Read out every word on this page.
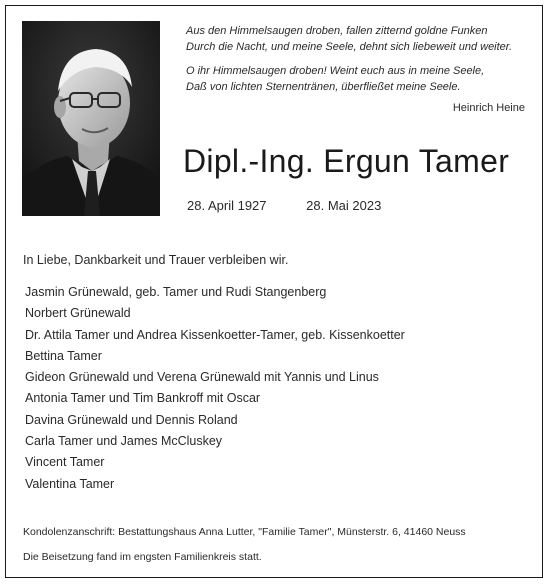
Aus den Himmelsaugen droben, fallen zitternd goldne Funken
Durch die Nacht, und meine Seele, dehnt sich liebeweit und weiter.
O ihr Himmelsaugen droben! Weint euch aus in meine Seele,
Daß von lichten Sternentränen, überfließet meine Seele.
Heinrich Heine
Dipl.-Ing. Ergun Tamer
28. April 1927	28. Mai 2023
In Liebe, Dankbarkeit und Trauer verbleiben wir.
Jasmin Grünewald, geb. Tamer und Rudi Stangenberg
Norbert Grünewald
Dr. Attila Tamer und Andrea Kissenkoetter-Tamer, geb. Kissenkoetter
Bettina Tamer
Gideon Grünewald und Verena Grünewald mit Yannis und Linus
Antonia Tamer und Tim Bankroff mit Oscar
Davina Grünewald und Dennis Roland
Carla Tamer und James McCluskey
Vincent Tamer
Valentina Tamer
Kondolenzanschrift: Bestattungshaus Anna Lutter, "Familie Tamer", Münsterstr. 6, 41460 Neuss
Die Beisetzung fand im engsten Familienkreis statt.
